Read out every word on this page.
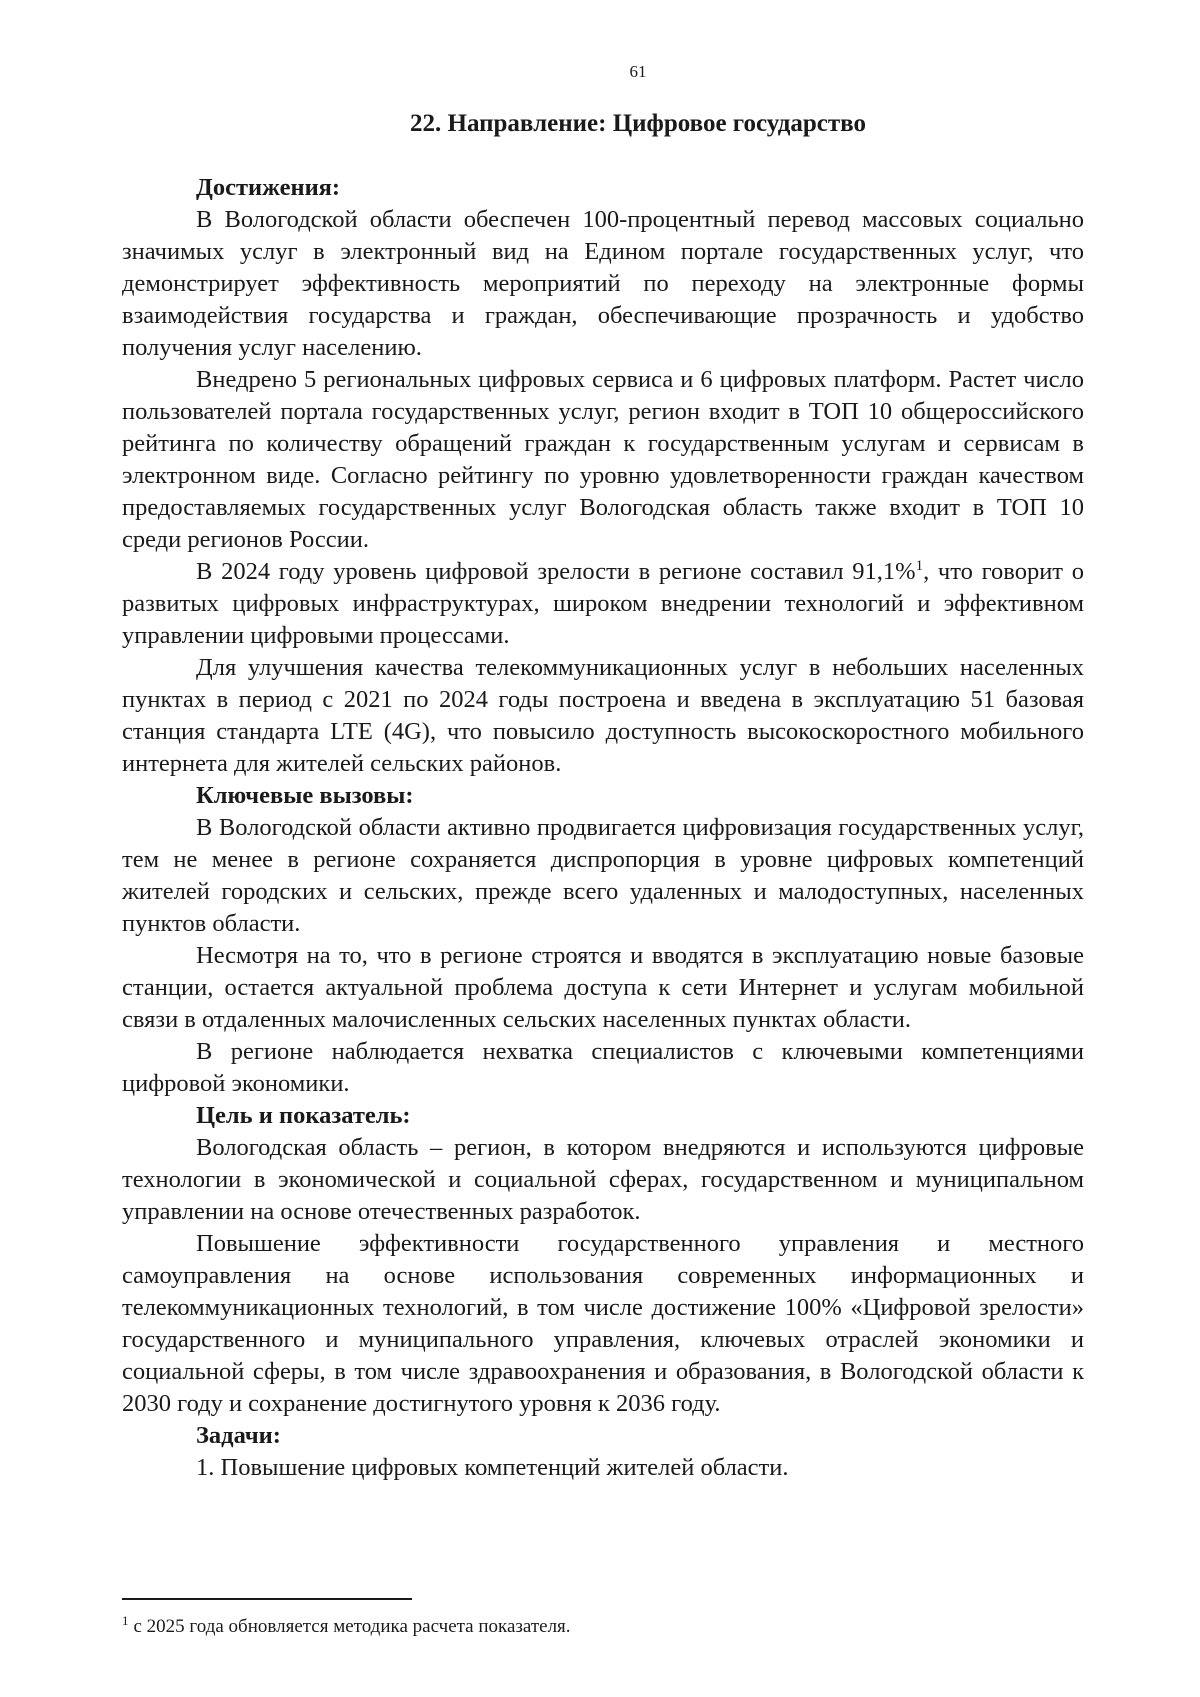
61
22. Направление: Цифровое государство

Достижения:

В Вологодской области обеспечен 100-процентный перевод массовых социально значимых услуг в электронный вид на Едином портале государственных услуг, что демонстрирует эффективность мероприятий по переходу на электронные формы взаимодействия государства и граждан, обеспечивающие прозрачность и удобство получения услуг населению.

Внедрено 5 региональных цифровых сервиса и 6 цифровых платформ. Растет число пользователей портала государственных услуг, регион входит в ТОП 10 общероссийского рейтинга по количеству обращений граждан к государственным услугам и сервисам в электронном виде. Согласно рейтингу по уровню удовлетворенности граждан качеством предоставляемых государственных услуг Вологодская область также входит в ТОП 10 среди регионов России.

В 2024 году уровень цифровой зрелости в регионе составил 91,1%$^1$, что говорит о развитых цифровых инфраструктурах, широком внедрении технологий и эффективном управлении цифровыми процессами.

Для улучшения качества телекоммуникационных услуг в небольших населенных пунктах в период с 2021 по 2024 годы построена и введена в эксплуатацию 51 базовая станция стандарта LTE (4G), что повысило доступность высокоскоростного мобильного интернета для жителей сельских районов.

Ключевые вызовы:

В Вологодской области активно продвигается цифровизация государственных услуг, тем не менее в регионе сохраняется диспропорция в уровне цифровых компетенций жителей городских и сельских, прежде всего удаленных и малодоступных, населенных пунктов области.

Несмотря на то, что в регионе строятся и вводятся в эксплуатацию новые базовые станции, остается актуальной проблема доступа к сети Интернет и услугам мобильной связи в отдаленных малочисленных сельских населенных пунктах области.

В регионе наблюдается нехватка специалистов с ключевыми компетенциями цифровой экономики.

Цель и показатель:

Вологодская область – регион, в котором внедряются и используются цифровые технологии в экономической и социальной сферах, государственном и муниципальном управлении на основе отечественных разработок.

Повышение эффективности государственного управления и местного самоуправления на основе использования современных информационных и телекоммуникационных технологий, в том числе достижение 100% «Цифровой зрелости» государственного и муниципального управления, ключевых отраслей экономики и социальной сферы, в том числе здравоохранения и образования, в Вологодской области к 2030 году и сохранение достигнутого уровня к 2036 году.

Задачи:

1. Повышение цифровых компетенций жителей области.

$^1$ с 2025 года обновляется методика расчета показателя.
